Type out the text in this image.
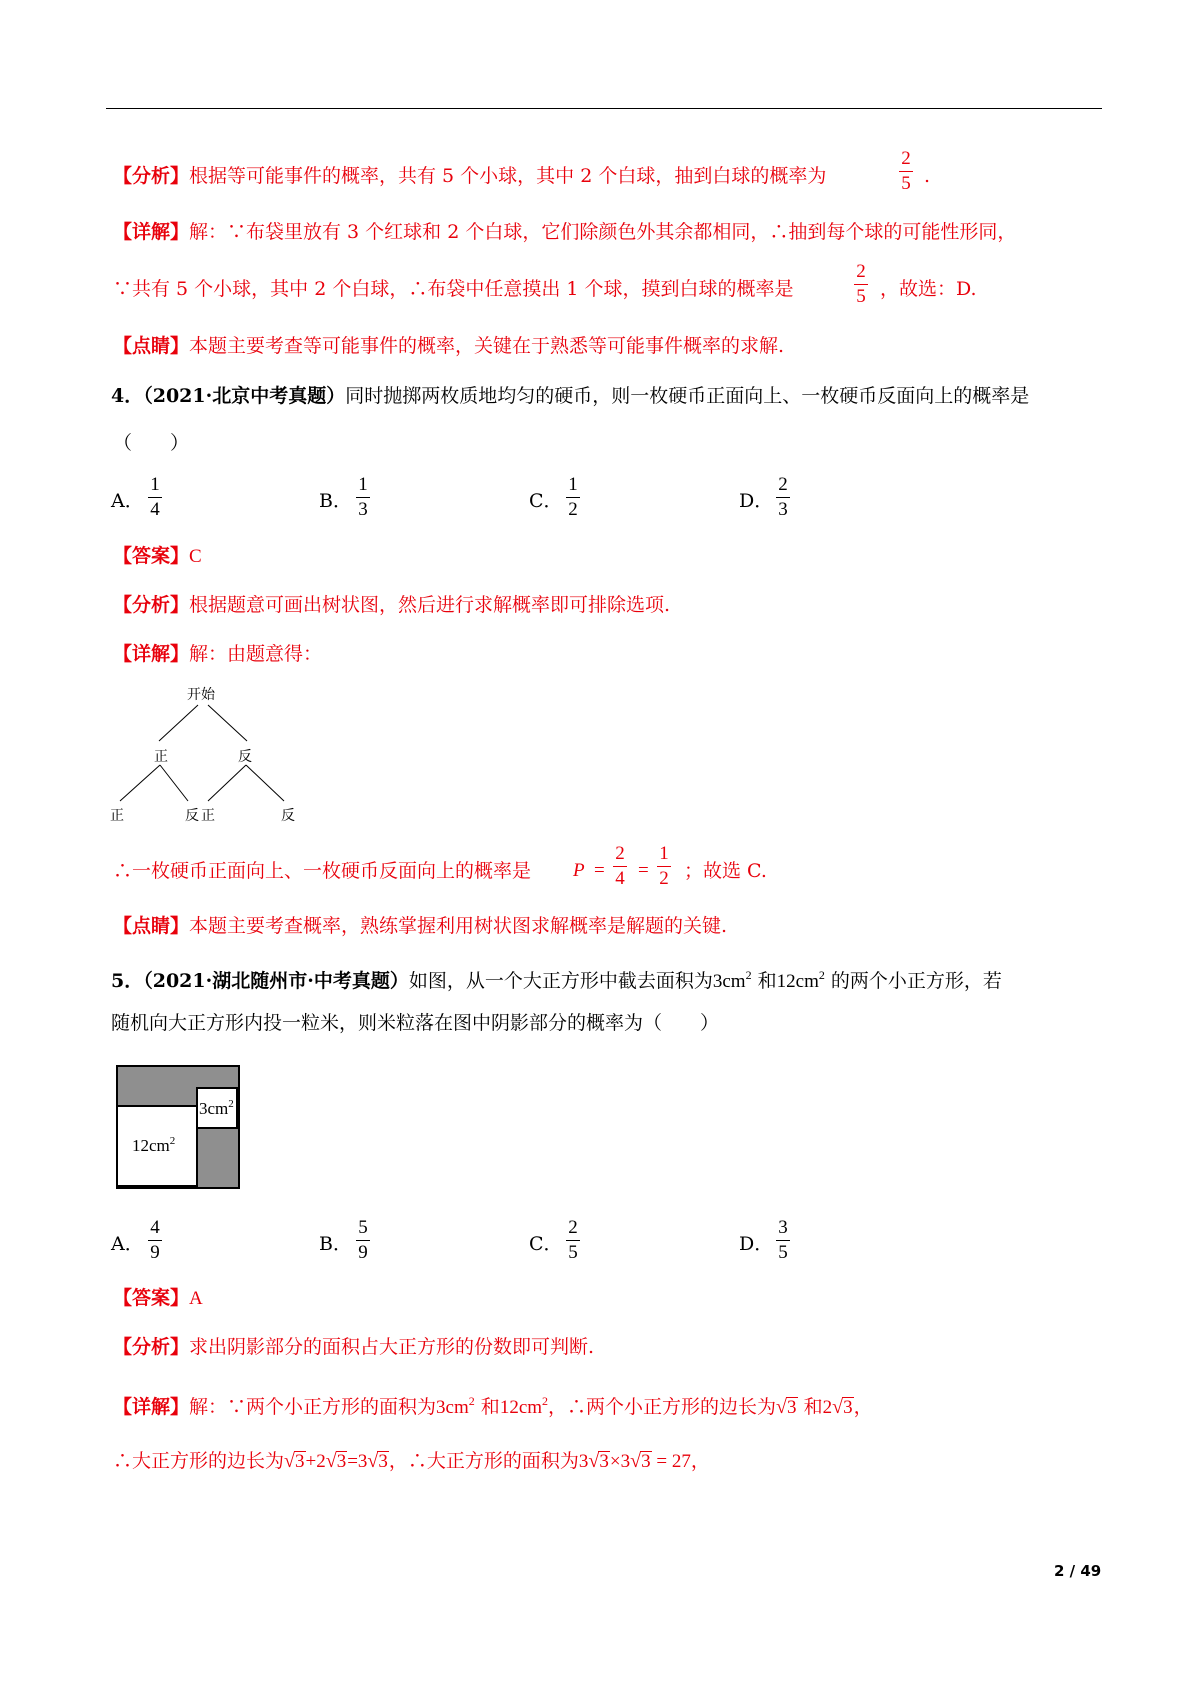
【分析】根据等可能事件的概率，共有 5 个小球，其中 2 个白球，抽到白球的概率为
2
5 .
【详解】解：∵布袋里放有 3 个红球和 2 个白球，它们除颜色外其余都相同，∴抽到每个球的可能性形同，
∵共有 5 个小球，其中 2 个白球，∴布袋中任意摸出 1 个球，摸到白球的概率是
2
5 ，故选：D.
【点睛】本题主要考查等可能事件的概率，关键在于熟悉等可能事件概率的求解.
4．（2021·北京中考真题）同时抛掷两枚质地均匀的硬币，则一枚硬币正面向上、一枚硬币反面向上的概率是
（　　）
A．
1
4	B．
1
3	C．
1
2	D．
2
3
【答案】C
【分析】根据题意可画出树状图，然后进行求解概率即可排除选项.
【详解】解：由题意得：
开始
正	反
正	反 正	反
∴一枚硬币正面向上、一枚硬币反面向上的概率是 P =
2
4 =
1
2 ；故选 C.
【点睛】本题主要考查概率，熟练掌握利用树状图求解概率是解题的关键.
5．（2021·湖北随州市·中考真题）如图，从一个大正方形中截去面积为$3cm^2$ 和$12cm^2$ 的两个小正方形，若
随机向大正方形内投一粒米，则米粒落在图中阴影部分的概率为（　　）
$12cm^2$
$3cm^2$
A．
4
9	B．
5
9	C．
2
5	D．
3
5
【答案】A
【分析】求出阴影部分的面积占大正方形的份数即可判断.
【详解】解：∵两个小正方形的面积为$3cm^2$ 和$12cm^2$，∴两个小正方形的边长为√3 和2√3，
∴大正方形的边长为√3+2√3=3√3，∴大正方形的面积为3√3×3√3 = 27，
2 / 49
